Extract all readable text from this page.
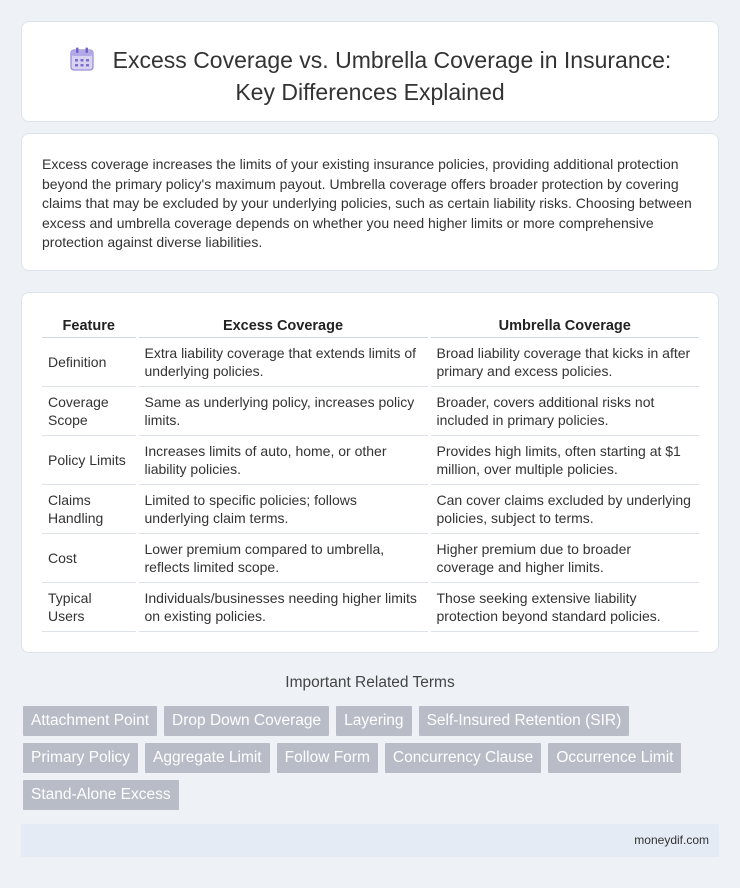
Excess Coverage vs. Umbrella Coverage in Insurance: Key Differences Explained

Excess coverage increases the limits of your existing insurance policies, providing additional protection beyond the primary policy's maximum payout. Umbrella coverage offers broader protection by covering claims that may be excluded by your underlying policies, such as certain liability risks. Choosing between excess and umbrella coverage depends on whether you need higher limits or more comprehensive protection against diverse liabilities.

Feature	Excess Coverage	Umbrella Coverage
Definition	Extra liability coverage that extends limits of underlying policies.	Broad liability coverage that kicks in after primary and excess policies.
Coverage Scope	Same as underlying policy, increases policy limits.	Broader, covers additional risks not included in primary policies.
Policy Limits	Increases limits of auto, home, or other liability policies.	Provides high limits, often starting at $1 million, over multiple policies.
Claims Handling	Limited to specific policies; follows underlying claim terms.	Can cover claims excluded by underlying policies, subject to terms.
Cost	Lower premium compared to umbrella, reflects limited scope.	Higher premium due to broader coverage and higher limits.
Typical Users	Individuals/businesses needing higher limits on existing policies.	Those seeking extensive liability protection beyond standard policies.
Important Related Terms
Attachment Point	Drop Down Coverage	Layering	Self-Insured Retention (SIR)
Primary Policy	Aggregate Limit	Follow Form	Concurrency Clause	Occurrence Limit
Stand-Alone Excess
moneydif.com
